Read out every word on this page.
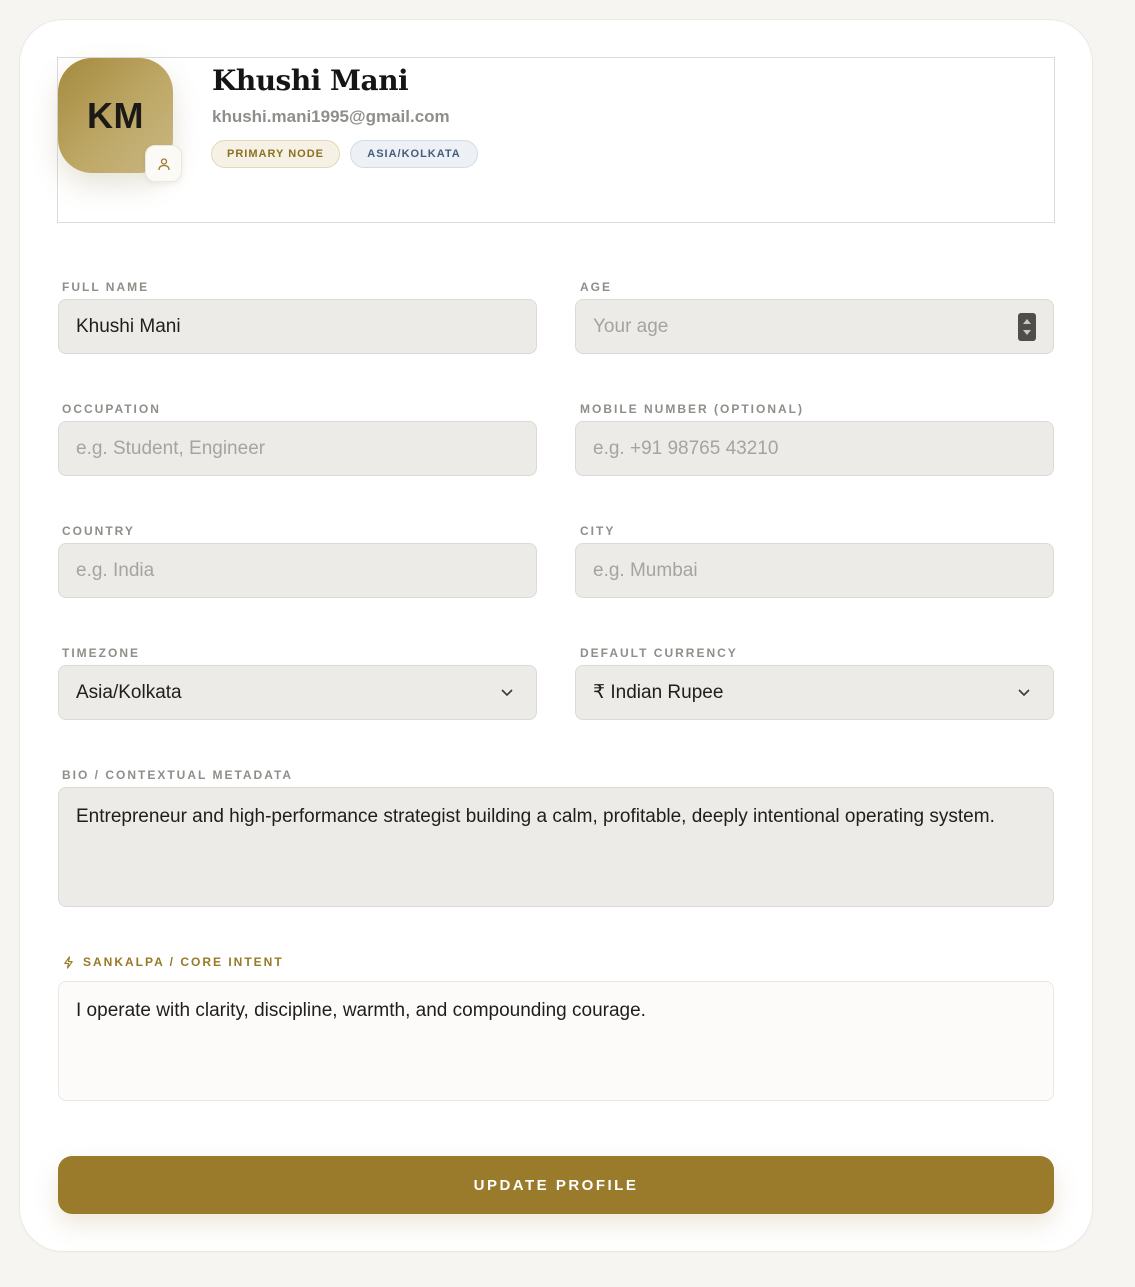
KM
Khushi Mani
khushi.mani1995@gmail.com
PRIMARY NODE	ASIA/KOLKATA
FULL NAME
Khushi Mani
AGE
Your age
OCCUPATION
e.g. Student, Engineer
MOBILE NUMBER (OPTIONAL)
e.g. +91 98765 43210
COUNTRY
e.g. India
CITY
e.g. Mumbai
TIMEZONE
Asia/Kolkata
DEFAULT CURRENCY
₹ Indian Rupee
BIO / CONTEXTUAL METADATA
Entrepreneur and high-performance strategist building a calm, profitable, deeply intentional operating system.
SANKALPA / CORE INTENT
I operate with clarity, discipline, warmth, and compounding courage.
UPDATE PROFILE
